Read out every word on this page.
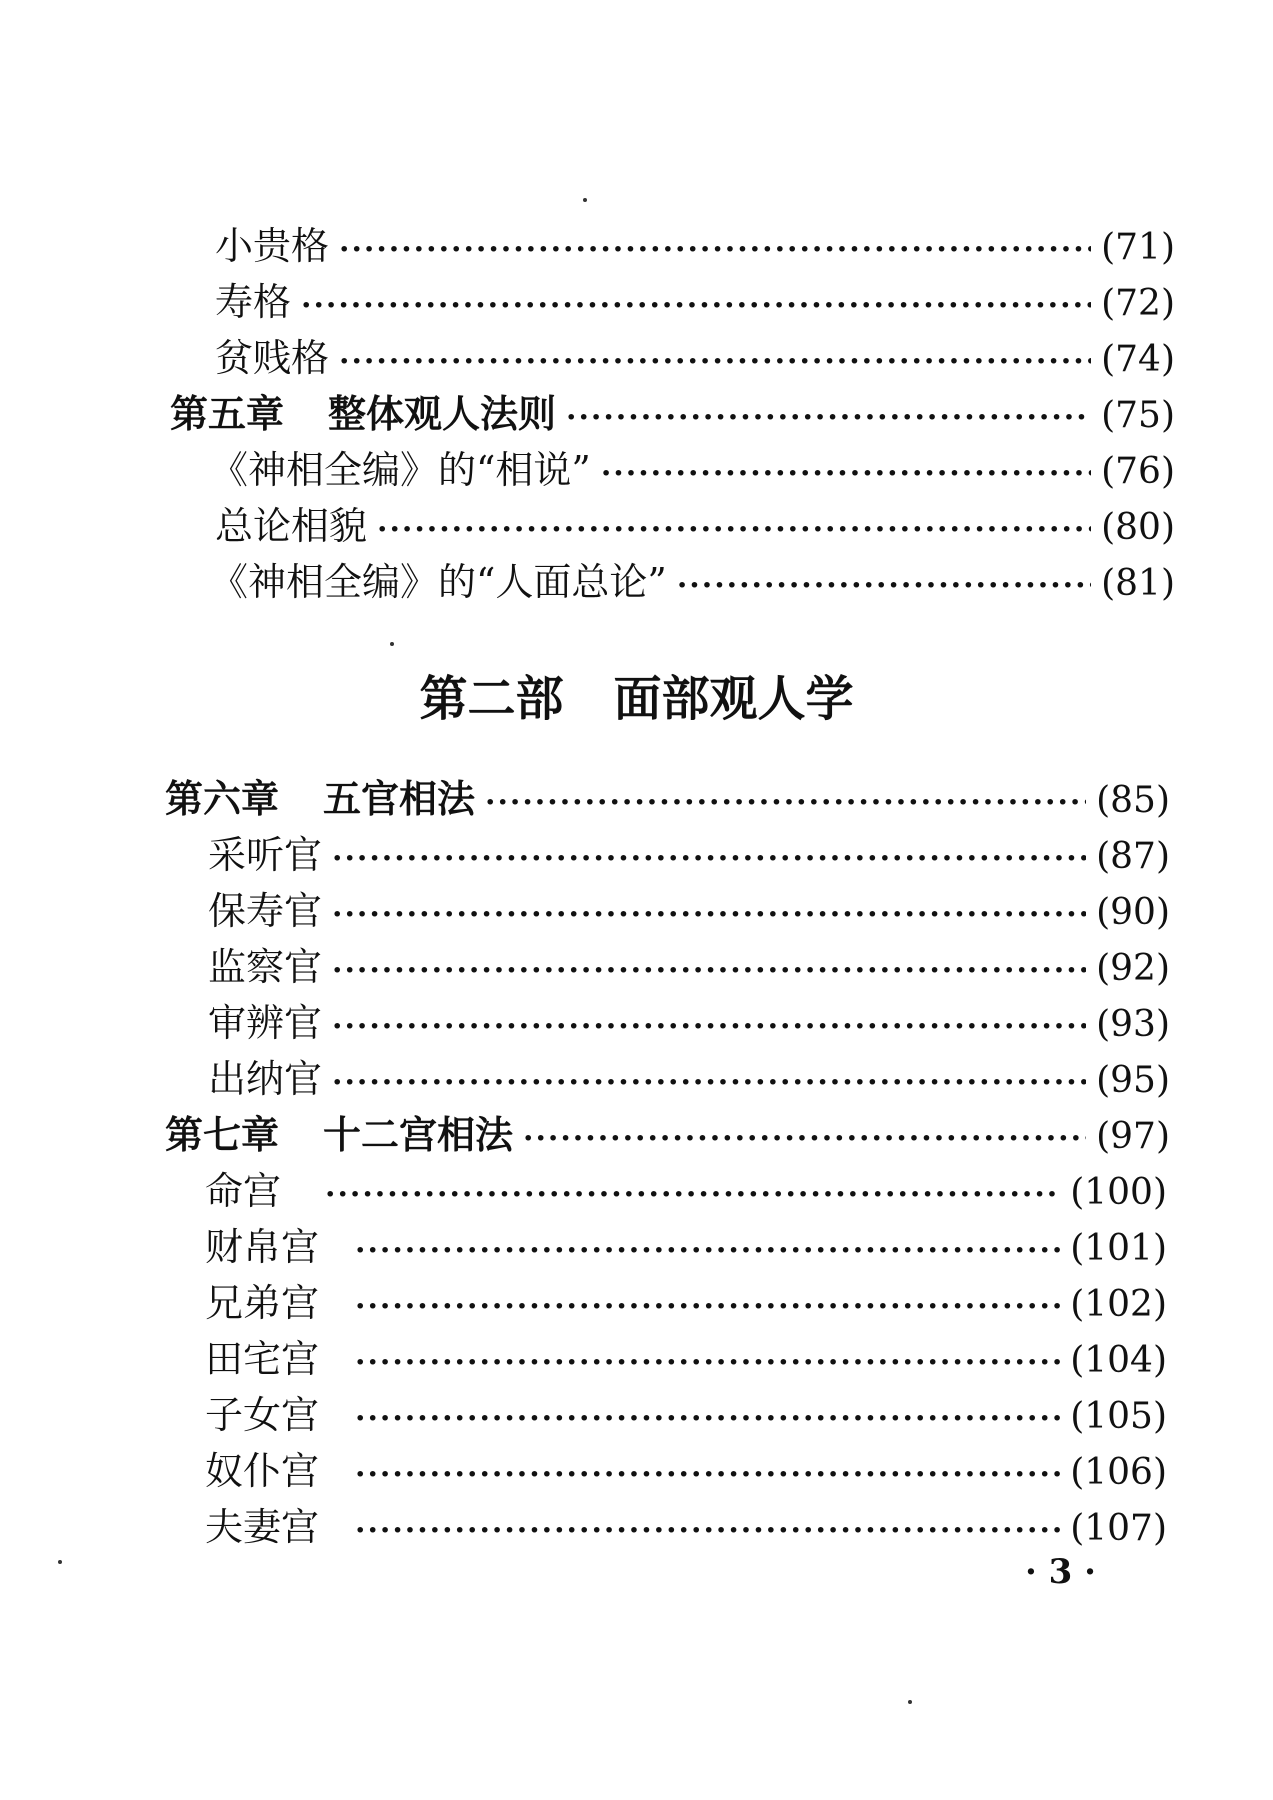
小贵格 ·····	(71)
寿格 ·····	(72)
贫贱格 ·····	(74)
第五章 整体观人法则 ·····	(75)
《神相全编》的“相说” ·····	(76)
总论相貌 ·····	(80)
《神相全编》的“人面总论” ·····	(81)
第二部 面部观人学
第六章 五官相法 ·····	(85)
采听官 ·····	(87)
保寿官 ·····	(90)
监察官 ·····	(92)
审辨官 ·····	(93)
出纳官 ·····	(95)
第七章 十二宫相法 ·····	(97)
命宫 ·····	(100)
财帛宫 ·····	(101)
兄弟宫 ·····	(102)
田宅宫 ·····	(104)
子女宫 ·····	(105)
奴仆宫 ·····	(106)
夫妻宫 ·····	(107)
· 3 ·
